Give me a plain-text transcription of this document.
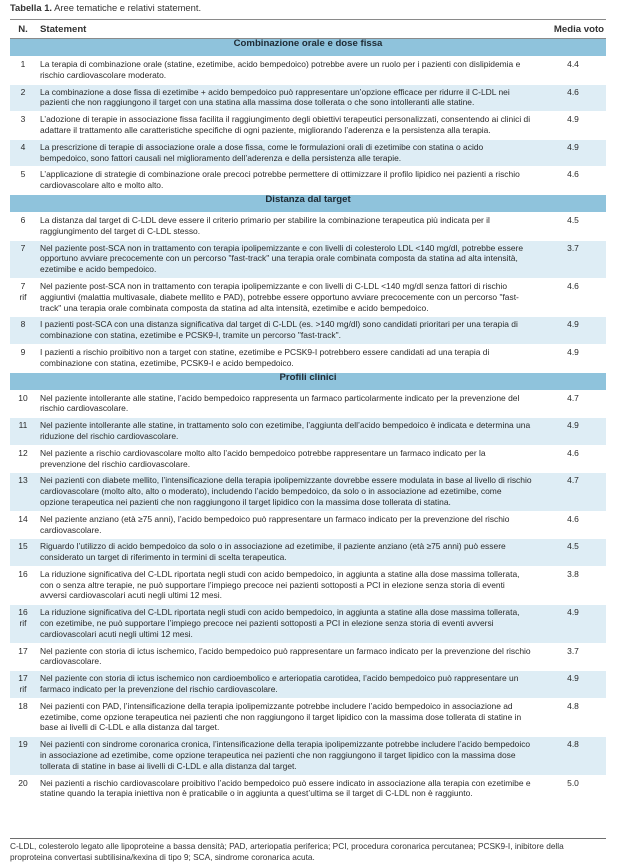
Tabella 1. Aree tematiche e relativi statement.
N.	Statement	Media voto
Combinazione orale e dose fissa		

1	La terapia di combinazione orale (statine, ezetimibe, acido bempedoico) potrebbe avere un ruolo per i pazienti con dislipidemia e rischio cardiovascolare moderato.	4.4

2	La combinazione a dose fissa di ezetimibe + acido bempedoico può rappresentare un’opzione efficace per ridurre il C-LDL nei pazienti che non raggiungono il target con una statina alla massima dose tollerata o che sono intolleranti alle statine.	4.6

3	L’adozione di terapie in associazione fissa facilita il raggiungimento degli obiettivi terapeutici personalizzati, consentendo ai clinici di adattare il trattamento alle caratteristiche specifiche di ogni paziente, migliorando l’aderenza e la persistenza alla terapia.	4.9

4	La prescrizione di terapie di associazione orale a dose fissa, come le formulazioni orali di ezetimibe con statina o acido bempedoico, sono fattori causali nel miglioramento dell’aderenza e della persistenza alle terapie.	4.9

5	L’applicazione di strategie di combinazione orale precoci potrebbe permettere di ottimizzare il profilo lipidico nei pazienti a rischio cardiovascolare alto e molto alto.	4.6
Distanza dal target		

6	La distanza dal target di C-LDL deve essere il criterio primario per stabilire la combinazione terapeutica più indicata per il raggiungimento del target di C-LDL stesso.	4.5

7	Nel paziente post-SCA non in trattamento con terapia ipolipemizzante e con livelli di colesterolo LDL <140 mg/dl, potrebbe essere opportuno avviare precocemente con un percorso "fast-track" una terapia orale combinata composta da statina ad alta intensità, ezetimibe e acido bempedoico.	3.7

7
rif	Nel paziente post-SCA non in trattamento con terapia ipolipemizzante e con livelli di C-LDL <140 mg/dl senza fattori di rischio aggiuntivi (malattia multivasale, diabete mellito e PAD), potrebbe essere opportuno avviare precocemente con un percorso "fast-track" una terapia orale combinata composta da statina ad alta intensità, ezetimibe e acido bempedoico.	4.6

8	I pazienti post-SCA con una distanza significativa dal target di C-LDL (es. >140 mg/dl) sono candidati prioritari per una terapia di combinazione con statina, ezetimibe e PCSK9-I, tramite un percorso "fast-track".	4.9

9	I pazienti a rischio proibitivo non a target con statine, ezetimibe e PCSK9-I potrebbero essere candidati ad una terapia di combinazione con statina, ezetimibe, PCSK9-I e acido bempedoico.	4.9
Profili clinici		

10	Nel paziente intollerante alle statine, l’acido bempedoico rappresenta un farmaco particolarmente indicato per la prevenzione del rischio cardiovascolare.	4.7

11	Nel paziente intollerante alle statine, in trattamento solo con ezetimibe, l’aggiunta dell’acido bempedoico è indicata e determina una riduzione del rischio cardiovascolare.	4.9

12	Nel paziente a rischio cardiovascolare molto alto l’acido bempedoico potrebbe rappresentare un farmaco indicato per la prevenzione del rischio cardiovascolare.	4.6

13	Nei pazienti con diabete mellito, l’intensificazione della terapia ipolipemizzante dovrebbe essere modulata in base al livello di rischio cardiovascolare (molto alto, alto o moderato), includendo l’acido bempedoico, da solo o in associazione ad ezetimibe, come opzione terapeutica nei pazienti che non raggiungono il target lipidico con la massima dose tollerata di statina.	4.7

14	Nel paziente anziano (età ≥75 anni), l’acido bempedoico può rappresentare un farmaco indicato per la prevenzione del rischio cardiovascolare.	4.6

15	Riguardo l’utilizzo di acido bempedoico da solo o in associazione ad ezetimibe, il paziente anziano (età ≥75 anni) può essere considerato un target di riferimento in termini di scelta terapeutica.	4.5

16	La riduzione significativa del C-LDL riportata negli studi con acido bempedoico, in aggiunta a statine alla dose massima tollerata, con o senza altre terapie, ne può supportare l’impiego precoce nei pazienti sottoposti a PCI in elezione senza storia di eventi avversi cardiovascolari acuti negli ultimi 12 mesi.	3.8

16
rif	La riduzione significativa del C-LDL riportata negli studi con acido bempedoico, in aggiunta a statine alla dose massima tollerata, con ezetimibe, ne può supportare l’impiego precoce nei pazienti sottoposti a PCI in elezione senza storia di eventi avversi cardiovascolari acuti negli ultimi 12 mesi.	4.9

17	Nel paziente con storia di ictus ischemico, l’acido bempedoico può rappresentare un farmaco indicato per la prevenzione del rischio cardiovascolare.	3.7

17
rif	Nel paziente con storia di ictus ischemico non cardioembolico e arteriopatia carotidea, l’acido bempedoico può rappresentare un farmaco indicato per la prevenzione del rischio cardiovascolare.	4.9

18	Nei pazienti con PAD, l’intensificazione della terapia ipolipemizzante potrebbe includere l’acido bempedoico in associazione ad ezetimibe, come opzione terapeutica nei pazienti che non raggiungono il target lipidico con la massima dose tollerata di statine in base ai livelli di C-LDL e alla distanza dal target.	4.8

19	Nei pazienti con sindrome coronarica cronica, l’intensificazione della terapia ipolipemizzante potrebbe includere l’acido bempedoico in associazione ad ezetimibe, come opzione terapeutica nei pazienti che non raggiungono il target lipidico con la massima dose tollerata di statine in base ai livelli di C-LDL e alla distanza dal target.	4.8

20	Nei pazienti a rischio cardiovascolare proibitivo l’acido bempedoico può essere indicato in associazione alla terapia con ezetimibe e statine quando la terapia iniettiva non è praticabile o in aggiunta a quest’ultima se il target di C-LDL non è raggiunto.	5.0
C-LDL, colesterolo legato alle lipoproteine a bassa densità; PAD, arteriopatia periferica; PCI, procedura coronarica percutanea; PCSK9-I, inibitore della proproteina convertasi subtilisina/kexina di tipo 9; SCA, sindrome coronarica acuta.
